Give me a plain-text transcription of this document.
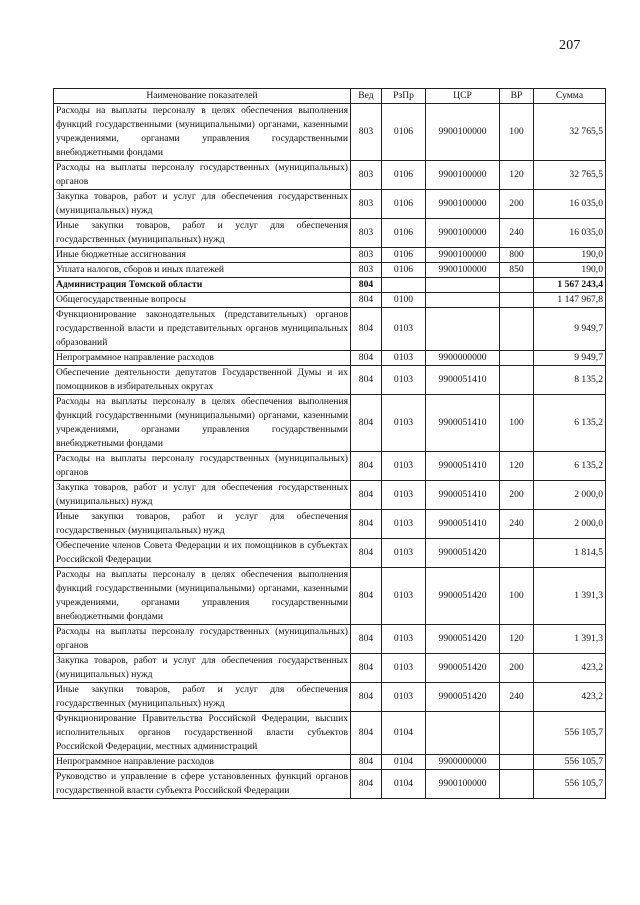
207
Наименование показателей	Вед	РзПр	ЦСР	ВР	Сумма
Расходы на выплаты персоналу в целях обеспечения выполнения функций государственными (муниципальными) органами, казенными учреждениями, органами управления государственными внебюджетными фондами	803	0106	9900100000	100	32 765,5
Расходы на выплаты персоналу государственных (муниципальных) органов	803	0106	9900100000	120	32 765,5
Закупка товаров, работ и услуг для обеспечения государственных (муниципальных) нужд	803	0106	9900100000	200	16 035,0
Иные закупки товаров, работ и услуг для обеспечения государственных (муниципальных) нужд	803	0106	9900100000	240	16 035,0
Иные бюджетные ассигнования	803	0106	9900100000	800	190,0
Уплата налогов, сборов и иных платежей	803	0106	9900100000	850	190,0
Администрация Томской области	804				1 567 243,4
Общегосударственные вопросы	804	0100			1 147 967,8
Функционирование законодательных (представительных) органов государственной власти и представительных органов муниципальных образований	804	0103			9 949,7
Непрограммное направление расходов	804	0103	9900000000		9 949,7
Обеспечение деятельности депутатов Государственной Думы и их помощников в избирательных округах	804	0103	9900051410		8 135,2
Расходы на выплаты персоналу в целях обеспечения выполнения функций государственными (муниципальными) органами, казенными учреждениями, органами управления государственными внебюджетными фондами	804	0103	9900051410	100	6 135,2
Расходы на выплаты персоналу государственных (муниципальных) органов	804	0103	9900051410	120	6 135,2
Закупка товаров, работ и услуг для обеспечения государственных (муниципальных) нужд	804	0103	9900051410	200	2 000,0
Иные закупки товаров, работ и услуг для обеспечения государственных (муниципальных) нужд	804	0103	9900051410	240	2 000,0
Обеспечение членов Совета Федерации и их помощников в субъектах Российской Федерации	804	0103	9900051420		1 814,5
Расходы на выплаты персоналу в целях обеспечения выполнения функций государственными (муниципальными) органами, казенными учреждениями, органами управления государственными внебюджетными фондами	804	0103	9900051420	100	1 391,3
Расходы на выплаты персоналу государственных (муниципальных) органов	804	0103	9900051420	120	1 391,3
Закупка товаров, работ и услуг для обеспечения государственных (муниципальных) нужд	804	0103	9900051420	200	423,2
Иные закупки товаров, работ и услуг для обеспечения государственных (муниципальных) нужд	804	0103	9900051420	240	423,2
Функционирование Правительства Российской Федерации, высших исполнительных органов государственной власти субъектов Российской Федерации, местных администраций	804	0104			556 105,7
Непрограммное направление расходов	804	0104	9900000000		556 105,7
Руководство и управление в сфере установленных функций органов государственной власти субъекта Российской Федерации	804	0104	9900100000		556 105,7
